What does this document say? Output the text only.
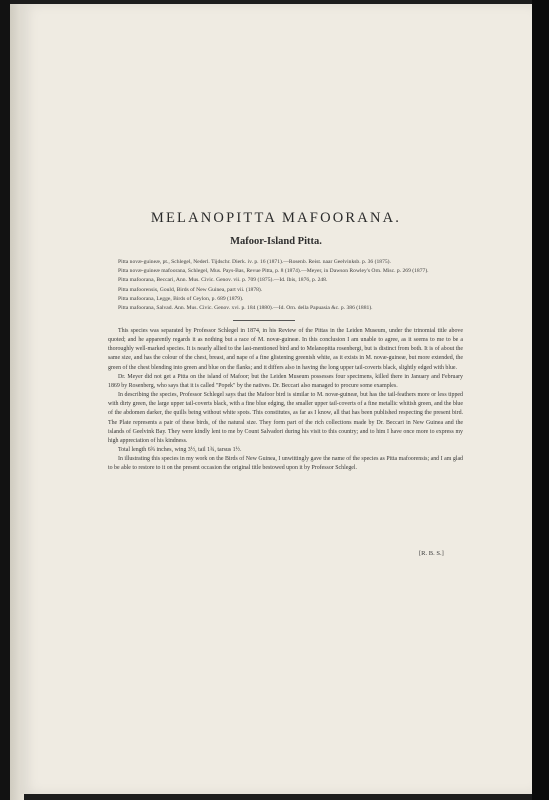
MELANOPITTA MAFOORANA.
Mafoor-Island Pitta.
Pitta novæ-guineæ, pt., Schlegel, Nederl. Tijdschr. Dierk. iv. p. 16 (1871).—Rosenb. Reist. naar Geelvinksb. p. 36 (1875).
Pitta novæ-guineæ mafoorana, Schlegel, Mus. Pays-Bas, Revue Pitta, p. 8 (1874).—Meyer, in Dawson Rowley's Orn. Misc. p. 269 (1877).
Pitta mafoorana, Beccari, Ann. Mus. Civic. Genov. vii. p. 709 (1875).—Id. Ibis, 1876, p. 248.
Pitta mafoorensis, Gould, Birds of New Guinea, part vii. (1878).
Pitta mafoorana, Legge, Birds of Ceylon, p. 689 (1879).
Pitta mafoorana, Salvad. Ann. Mus. Civic. Genov. xvi. p. 184 (1880).—Id. Orn. della Papuasia &c. p. 386 (1881).

This species was separated by Professor Schlegel in 1874, in his Review of the Pittas in the Leiden Museum, under the trinomial title above quoted; and he apparently regards it as nothing but a race of M. novæ-guineæ. In this conclusion I am unable to agree, as it seems to me to be a thoroughly well-marked species. It is nearly allied to the last-mentioned bird and to Melanopitta rosenbergi, but is distinct from both. It is of about the same size, and has the colour of the chest, breast, and nape of a fine glistening greenish white, as it exists in M. novæ-guineæ, but more extended, the green of the chest blending into green and blue on the flanks; and it differs also in having the long upper tail-coverts black, slightly edged with blue.

Dr. Meyer did not get a Pitta on the island of Mafoor; but the Leiden Museum possesses four specimens, killed there in January and February 1869 by Rosenberg, who says that it is called "Popek" by the natives. Dr. Beccari also managed to procure some examples.

In describing the species, Professor Schlegel says that the Mafoor bird is similar to M. novæ-guineæ, but has the tail-feathers more or less tipped with dirty green, the large upper tail-coverts black, with a fine blue edging, the smaller upper tail-coverts of a fine metallic whitish green, and the blue of the abdomen darker, the quills being without white spots. This constitutes, as far as I know, all that has been published respecting the present bird. The Plate represents a pair of these birds, of the natural size. They form part of the rich collections made by Dr. Beccari in New Guinea and the islands of Geelvink Bay. They were kindly lent to me by Count Salvadori during his visit to this country; and to him I have once more to express my high appreciation of his kindness.

Total length 6¾ inches, wing 3½, tail 1¾, tarsus 1½.

In illustrating this species in my work on the Birds of New Guinea, I unwittingly gave the name of the species as Pitta mafoorensis; and I am glad to be able to restore to it on the present occasion the original title bestowed upon it by Professor Schlegel.

[R. B. S.]
